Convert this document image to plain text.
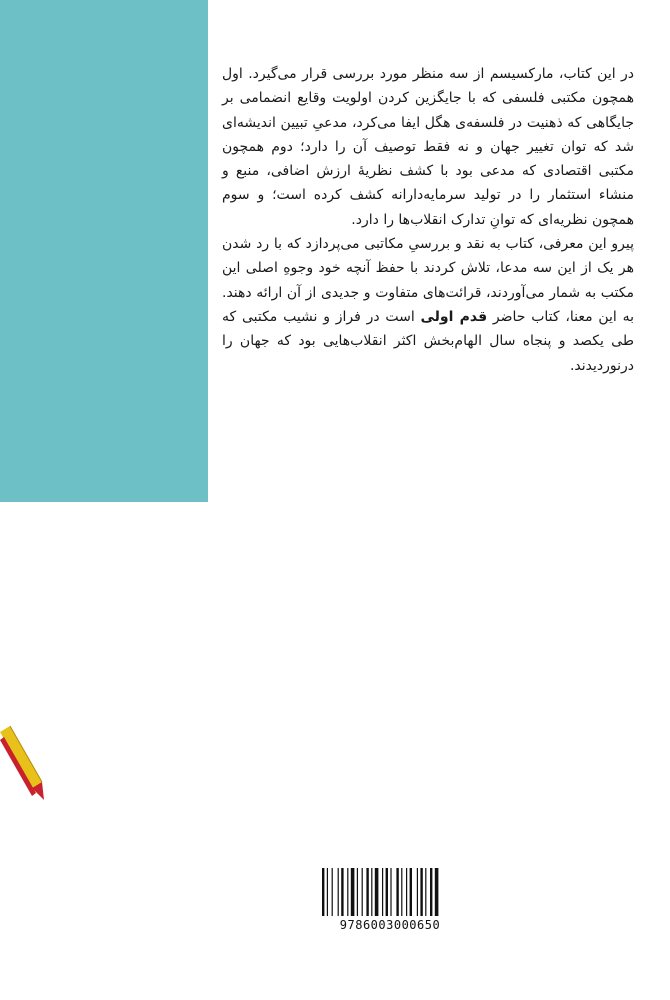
در این کتاب، مارکسیسم از سه منظر مورد بررسی قرار می‌گیرد. اول همچون مکتبی فلسفی که با جایگزین کردن اولویت وقایع انضمامی بر جایگاهی که ذهنیت در فلسفه‌ی هگل ایفا می‌کرد، مدعیِ تبیین اندیشه‌ای شد که توان تغییر جهان و نه فقط توصیف آن را دارد؛ دوم همچون مکتبی اقتصادی که مدعی بود با کشف نظریهٔ ارزش اضافی، منبع و منشاء استثمار را در تولید سرمایه‌دارانه کشف کرده است؛ و سوم همچون نظریه‌ای که توانِ تدارک انقلاب‌ها را دارد.

پیرو این معرفی، کتاب به نقد و بررسیِ مکاتبی می‌پردازد که با رد شدن هر یک از این سه مدعا، تلاش کردند با حفظ آنچه خود وجوهِ اصلی این مکتب به شمار می‌آوردند، قرائت‌های متفاوت و جدیدی از آن ارائه دهند. به این معنا، کتاب حاضر قدم اولی است در فراز و نشیب مکتبی که طی یکصد و پنجاه سال الهام‌بخش اکثر انقلاب‌هایی بود که جهان را درنوردیدند.

9786003000650
